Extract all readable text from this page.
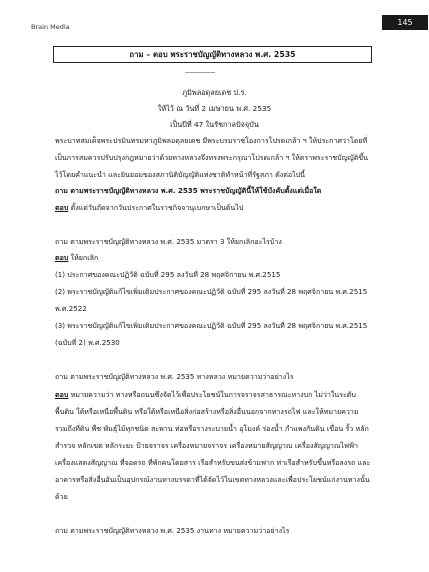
Brain Media	145
ถาม – ตอบ พระราชบัญญัติทางหลวง พ.ศ. 2535
------------------
ภูมิพลอดุลยเดช ป.ร.
ให้ไว้ ณ วันที่ 2 เมษายน พ.ศ. 2535
เป็นปีที่ 47 ในรัชกาลปัจจุบัน
พระบาทสมเด็จพระปรมินทรมหาภูมิพลอดุลยเดช มีพระบรมราชโองการโปรดเกล้า ฯ ให้ประกาศว่าโดยที่
เป็นการสมควรปรับปรุงกฎหมายว่าด้วยทางหลวงจึงทรงพระกรุณาโปรดเกล้า ฯ ให้ตราพระราชบัญญัติขึ้น
ไว้โดยคำแนะนำ และยินยอมของสภานิติบัญญัติแห่งชาติทำหน้าที่รัฐสภา ดังต่อไปนี้
ถาม ตามพระราชบัญญัติทางหลวง พ.ศ. 2535 พระราชบัญญัตินี้ให้ใช้บังคับตั้งแต่เมื่อใด
ตอบ ตั้งแต่วันถัดจากวันประกาศในราชกิจจานุเบกษาเป็นต้นไป
ถาม ตามพระราชบัญญัติทางหลวง พ.ศ. 2535 มาตรา 3 ให้ยกเลิกอะไรบ้าง
ตอบ ให้ยกเลิก
(1) ประกาศของคณะปฏิวัติ ฉบับที่ 295 ลงวันที่ 28 พฤศจิกายน พ.ศ.2515
(2) พระราชบัญญัติแก้ไขเพิ่มเติมประกาศของคณะปฏิวัติ ฉบับที่ 295 ลงวันที่ 28 พฤศจิกายน พ.ศ.2515
พ.ศ.2522
(3) พระราชบัญญัติแก้ไขเพิ่มเติมประกาศของคณะปฏิวัติ ฉบับที่ 295 ลงวันที่ 28 พฤศจิกายน พ.ศ.2515
(ฉบับที่ 2) พ.ศ.2530
ถาม ตามพระราชบัญญัติทางหลวง พ.ศ. 2535 ทางหลวง หมายความว่าอย่างไร
ตอบ หมายความว่า ทางหรือถนนซึ่งจัดไว้เพื่อประโยชน์ในการจราจรสาธารณะทางบก ไม่ว่าในระดับ
พื้นดิน ใต้หรือเหนือพื้นดิน หรือใต้หรือเหนือสิ่งก่อสร้างหรือสิ่งอื่นนอกจากทางรถไฟ และให้หมายความ
รวมถึงที่ดิน พืช พันธุ์ไม้ทุกชนิด สะพาน ท่อหรือรางระบายน้ำ อุโมงค์ ร่องน้ำ กำแพงกันดิน เขื่อน รั้ว หลัก
สำรวจ หลักเขต หลักระยะ ป้ายจราจร เครื่องหมายจราจร เครื่องหมายสัญญาณ เครื่องสัญญาณไฟฟ้า
เครื่องแสดงสัญญาณ ที่จอดรถ ที่พักคนโดยสาร เรือสำหรับขนส่งข้ามฟาก ท่าเรือสำหรับขึ้นหรือลงรถ และ
อาคารหรือสิ่งอื่นอันเป็นอุปกรณ์งานทางบรรดาที่ได้จัดไว้ในเขตทางหลวงและเพื่อประโยชน์แก่งานทางนั้น
ด้วย
ถาม ตามพระราชบัญญัติทางหลวง พ.ศ. 2535 งานทาง หมายความว่าอย่างไร
